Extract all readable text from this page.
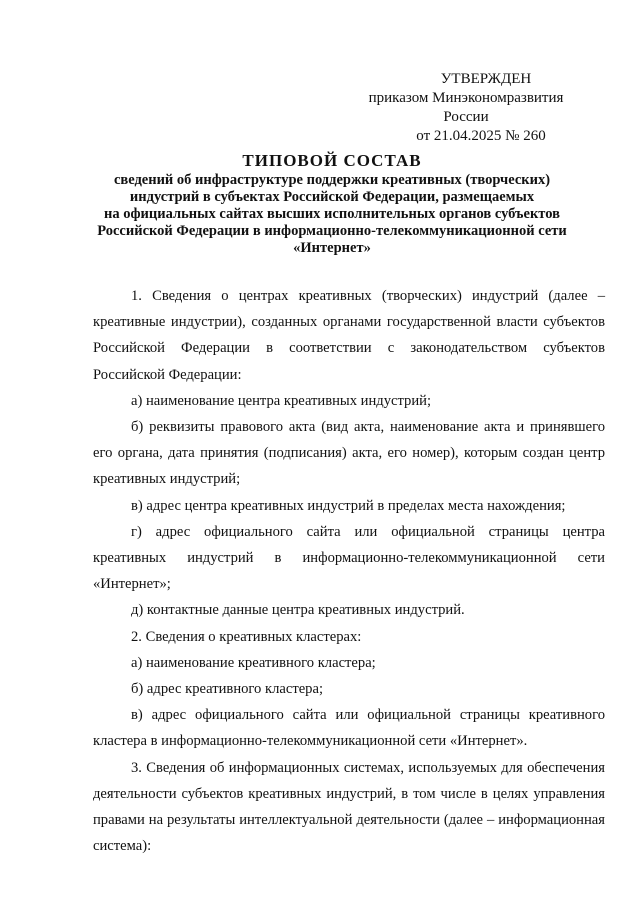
УТВЕРЖДЕН
приказом Минэкономразвития России
от 21.04.2025 № 260
ТИПОВОЙ СОСТАВ
сведений об инфраструктуре поддержки креативных (творческих)
индустрий в субъектах Российской Федерации, размещаемых
на официальных сайтах высших исполнительных органов субъектов
Российской Федерации в информационно-телекоммуникационной сети
«Интернет»

1. Сведения о центрах креативных (творческих) индустрий (далее – креативные индустрии), созданных органами государственной власти субъектов Российской Федерации в соответствии с законодательством субъектов Российской Федерации:

а) наименование центра креативных индустрий;

б) реквизиты правового акта (вид акта, наименование акта и принявшего его органа, дата принятия (подписания) акта, его номер), которым создан центр креативных индустрий;

в) адрес центра креативных индустрий в пределах места нахождения;

г) адрес официального сайта или официальной страницы центра креативных индустрий в информационно-телекоммуникационной сети «Интернет»;

д) контактные данные центра креативных индустрий.

2. Сведения о креативных кластерах:

а) наименование креативного кластера;

б) адрес креативного кластера;

в) адрес официального сайта или официальной страницы креативного кластера в информационно-телекоммуникационной сети «Интернет».

3. Сведения об информационных системах, используемых для обеспечения деятельности субъектов креативных индустрий, в том числе в целях управления правами на результаты интеллектуальной деятельности (далее – информационная система):
